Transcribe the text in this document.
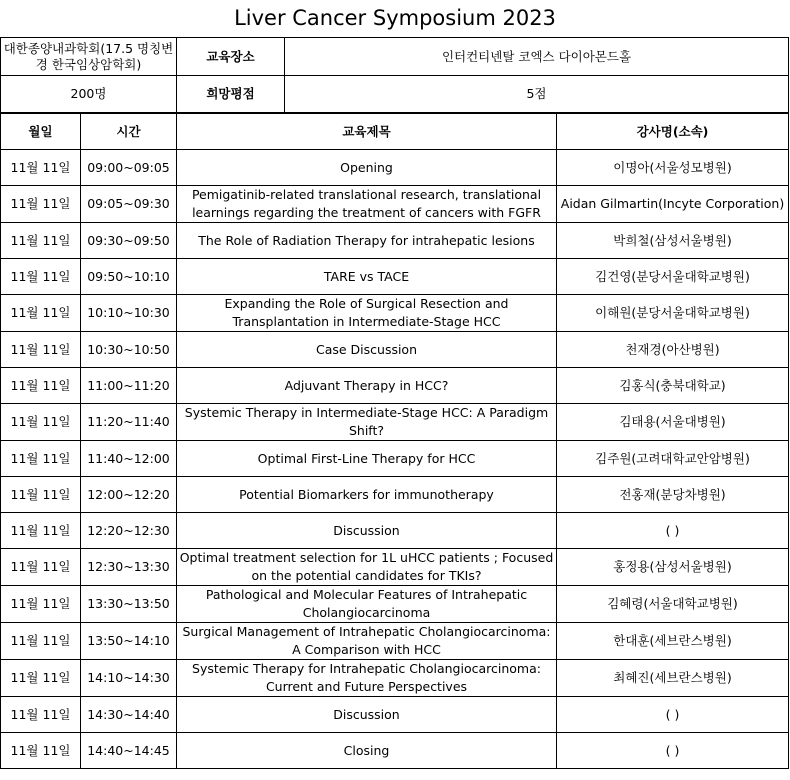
Liver Cancer Symposium 2023
대한종양내과학회(17.5 명칭변경 한국임상암학회)	교육장소	인터컨티넨탈 코엑스 다이아몬드홀
200명	희망평점	5점
월일	시간	교육제목	강사명(소속)
11월 11일	09:00~09:05	Opening	이명아(서울성모병원)
11월 11일	09:05~09:30	Pemigatinib-related translational research, translational learnings regarding the treatment of cancers with FGFR	Aidan Gilmartin(Incyte Corporation)
11월 11일	09:30~09:50	The Role of Radiation Therapy for intrahepatic lesions	박희철(삼성서울병원)
11월 11일	09:50~10:10	TARE vs TACE	김건영(분당서울대학교병원)
11월 11일	10:10~10:30	Expanding the Role of Surgical Resection and Transplantation in Intermediate-Stage HCC	이해원(분당서울대학교병원)
11월 11일	10:30~10:50	Case Discussion	천재경(아산병원)
11월 11일	11:00~11:20	Adjuvant Therapy in HCC?	김홍식(충북대학교)
11월 11일	11:20~11:40	Systemic Therapy in Intermediate-Stage HCC: A Paradigm Shift?	김태용(서울대병원)
11월 11일	11:40~12:00	Optimal First-Line Therapy for HCC	김주원(고려대학교안암병원)
11월 11일	12:00~12:20	Potential Biomarkers for immunotherapy	전홍재(분당차병원)
11월 11일	12:20~12:30	Discussion	( )
11월 11일	12:30~13:30	Optimal treatment selection for 1L uHCC patients ; Focused on the potential candidates for TKIs?	홍정용(삼성서울병원)
11월 11일	13:30~13:50	Pathological and Molecular Features of Intrahepatic Cholangiocarcinoma	김혜령(서울대학교병원)
11월 11일	13:50~14:10	Surgical Management of Intrahepatic Cholangiocarcinoma: A Comparison with HCC	한대훈(세브란스병원)
11월 11일	14:10~14:30	Systemic Therapy for Intrahepatic Cholangiocarcinoma: Current and Future Perspectives	최혜진(세브란스병원)
11월 11일	14:30~14:40	Discussion	( )
11월 11일	14:40~14:45	Closing	( )
